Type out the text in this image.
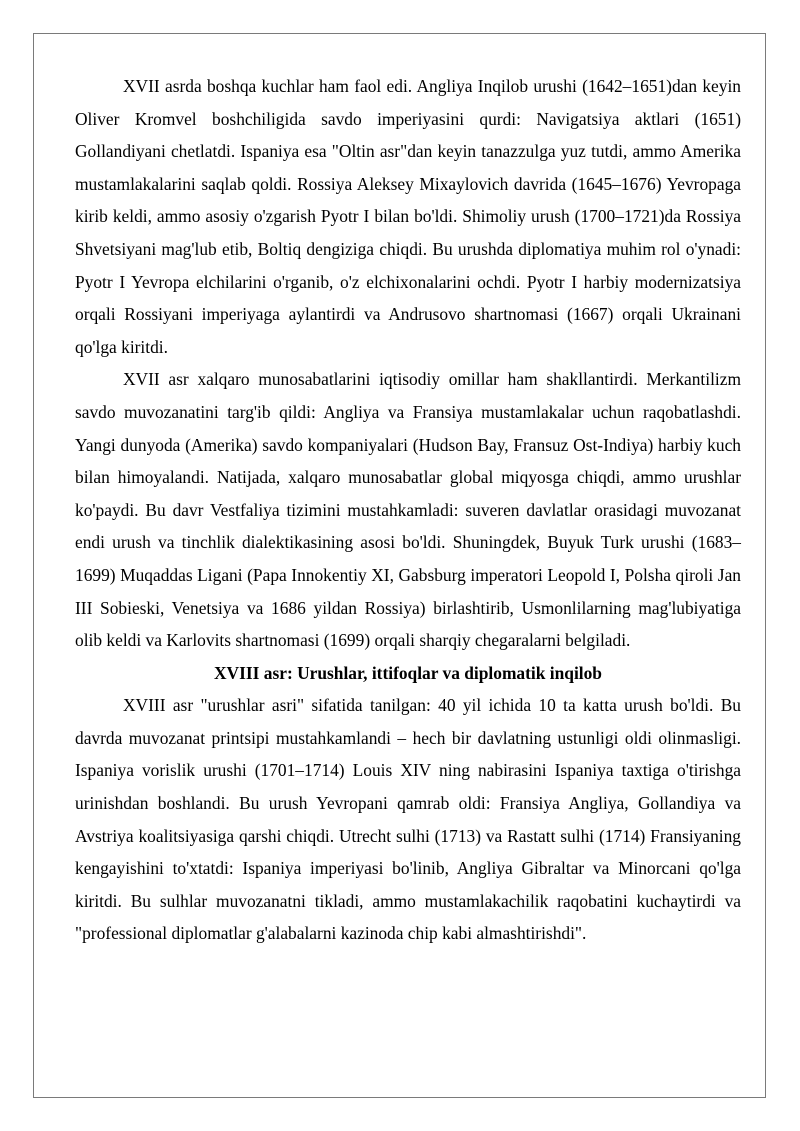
XVII asrda boshqa kuchlar ham faol edi. Angliya Inqilob urushi (1642–1651)dan keyin Oliver Kromvel boshchiligida savdo imperiyasini qurdi: Navigatsiya aktlari (1651) Gollandiyani chetlatdi. Ispaniya esa "Oltin asr"dan keyin tanazzulga yuz tutdi, ammo Amerika mustamlakalarini saqlab qoldi. Rossiya Aleksey Mixaylovich davrida (1645–1676) Yevropaga kirib keldi, ammo asosiy o'zgarish Pyotr I bilan bo'ldi. Shimoliy urush (1700–1721)da Rossiya Shvetsiyani mag'lub etib, Boltiq dengiziga chiqdi. Bu urushda diplomatiya muhim rol o'ynadi: Pyotr I Yevropa elchilarini o'rganib, o'z elchixonalarini ochdi. Pyotr I harbiy modernizatsiya orqali Rossiyani imperiyaga aylantirdi va Andrusovo shartnomasi (1667) orqali Ukrainani qo'lga kiritdi.

XVII asr xalqaro munosabatlarini iqtisodiy omillar ham shakllantirdi. Merkantilizm savdo muvozanatini targ'ib qildi: Angliya va Fransiya mustamlakalar uchun raqobatlashdi. Yangi dunyoda (Amerika) savdo kompaniyalari (Hudson Bay, Fransuz Ost-Indiya) harbiy kuch bilan himoyalandi. Natijada, xalqaro munosabatlar global miqyosga chiqdi, ammo urushlar ko'paydi. Bu davr Vestfaliya tizimini mustahkamladi: suveren davlatlar orasidagi muvozanat endi urush va tinchlik dialektikasining asosi bo'ldi. Shuningdek, Buyuk Turk urushi (1683–1699) Muqaddas Ligani (Papa Innokentiy XI, Gabsburg imperatori Leopold I, Polsha qiroli Jan III Sobieski, Venetsiya va 1686 yildan Rossiya) birlashtirib, Usmonlilarning mag'lubiyatiga olib keldi va Karlovits shartnomasi (1699) orqali sharqiy chegaralarni belgiladi.

XVIII asr: Urushlar, ittifoqlar va diplomatik inqilob

XVIII asr "urushlar asri" sifatida tanilgan: 40 yil ichida 10 ta katta urush bo'ldi. Bu davrda muvozanat printsipi mustahkamlandi – hech bir davlatning ustunligi oldi olinmasligi. Ispaniya vorislik urushi (1701–1714) Louis XIV ning nabirasini Ispaniya taxtiga o'tirishga urinishdan boshlandi. Bu urush Yevropani qamrab oldi: Fransiya Angliya, Gollandiya va Avstriya koalitsiyasiga qarshi chiqdi. Utrecht sulhi (1713) va Rastatt sulhi (1714) Fransiyaning kengayishini to'xtatdi: Ispaniya imperiyasi bo'linib, Angliya Gibraltar va Minorcani qo'lga kiritdi. Bu sulhlar muvozanatni tikladi, ammo mustamlakachilik raqobatini kuchaytirdi va "professional diplomatlar g'alabalarni kazinoda chip kabi almashtirishdi".
